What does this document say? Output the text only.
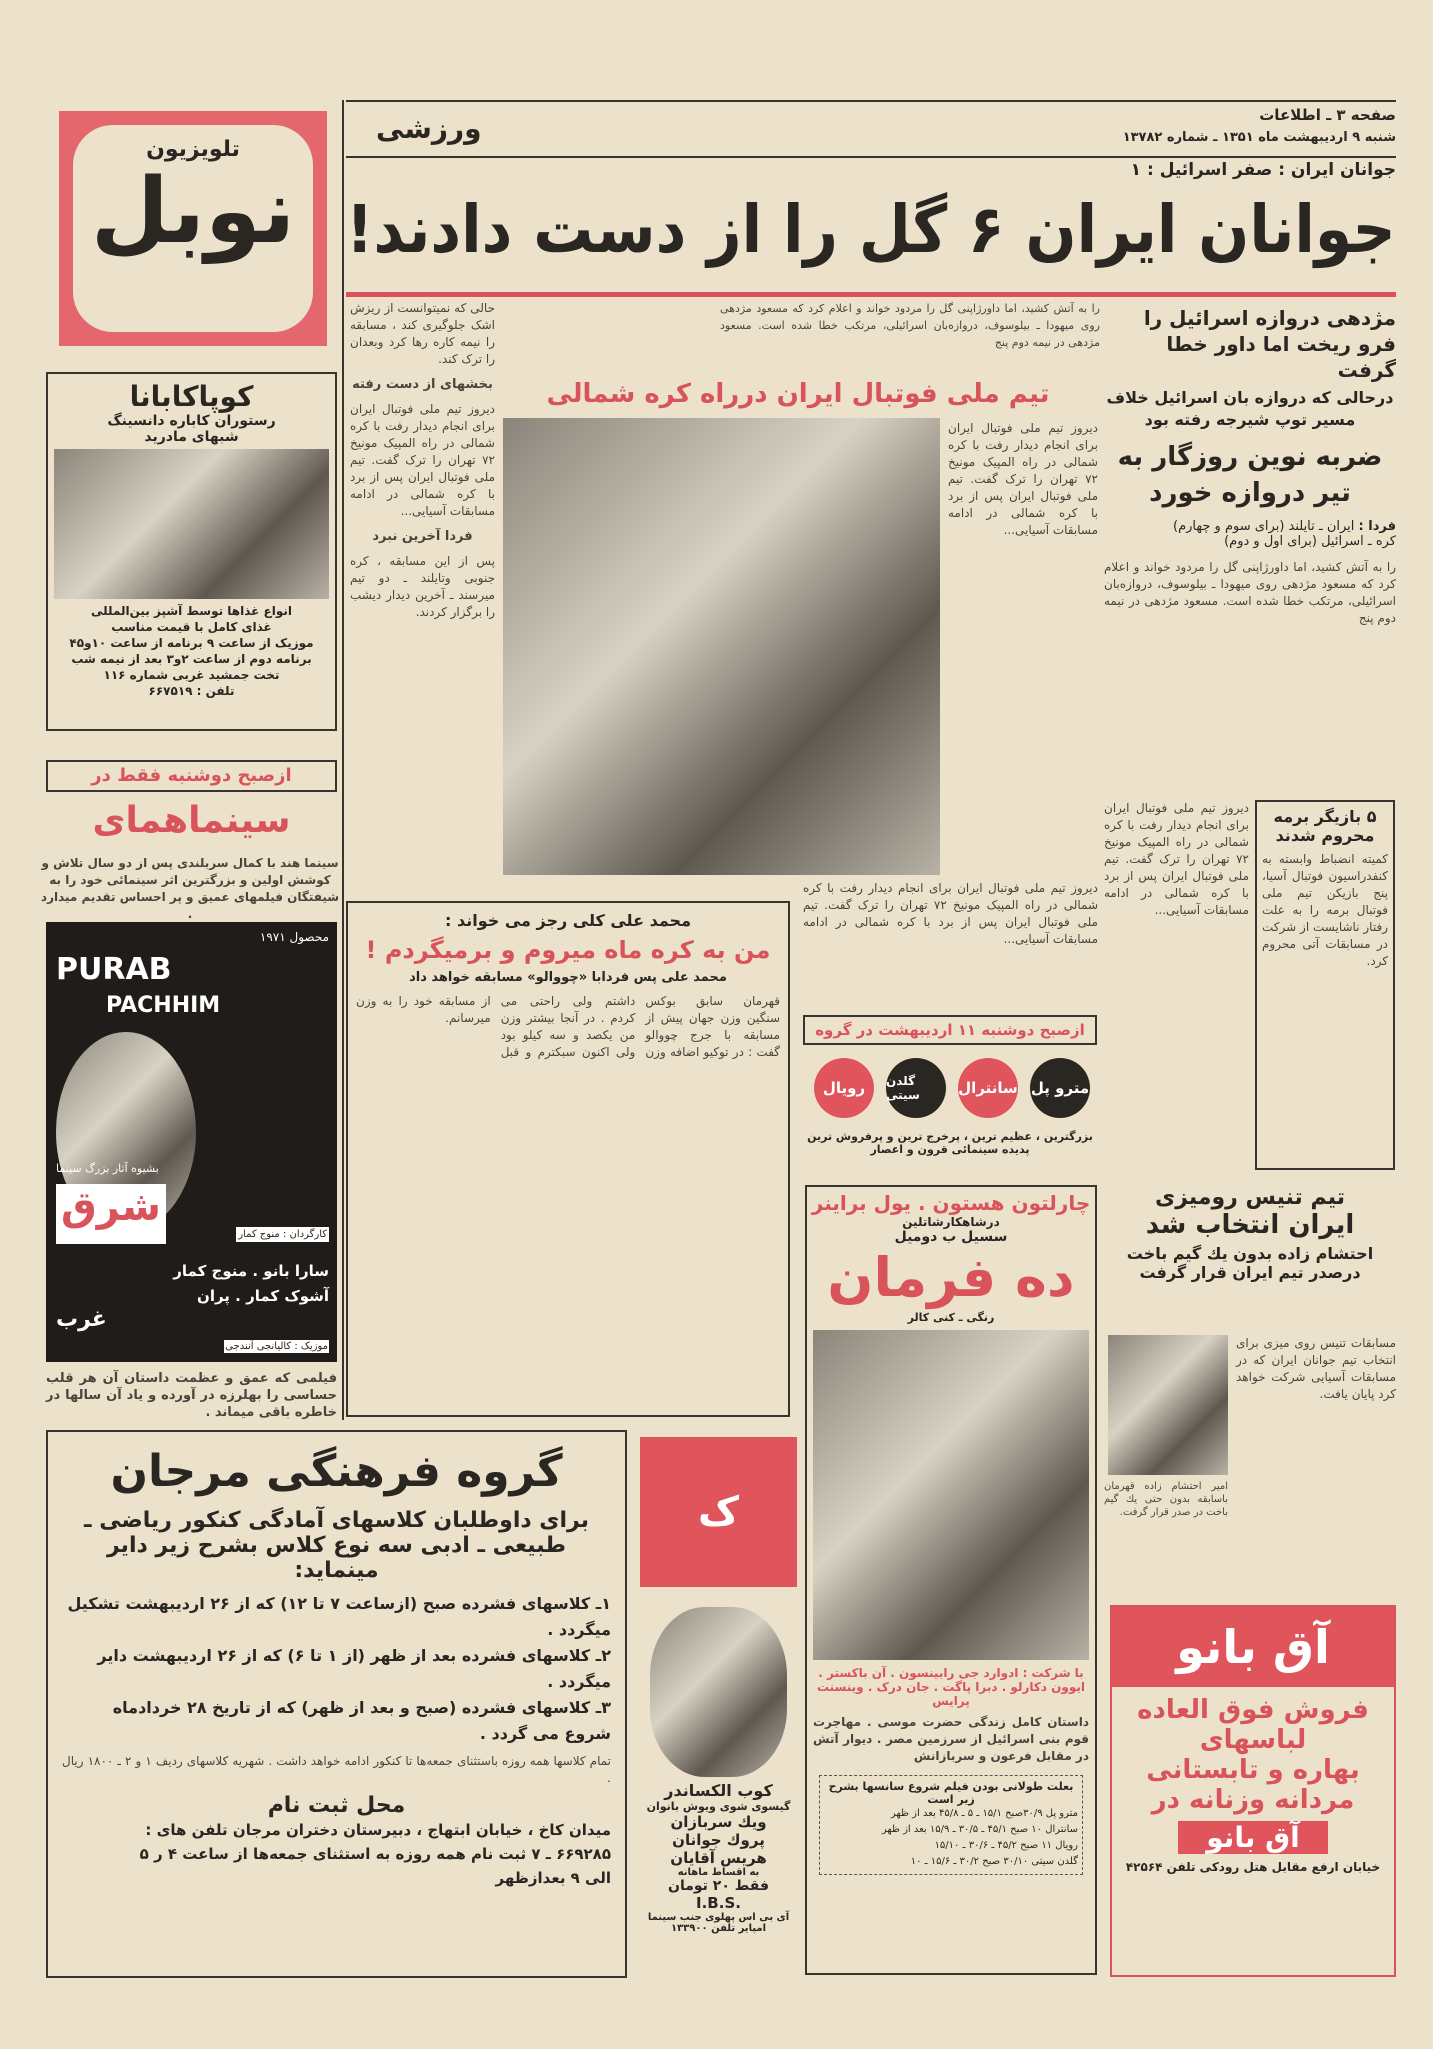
صفحه ۳ ـ اطلاعات
شنبه ۹ اردیبهشت ماه ۱۳۵۱ ـ شماره ۱۳۷۸۲
ورزشی
تلویزیون
نوبل	جوانان ایران : صفر اسرائیل : ۱
جوانان ایران ۶ گل را از دست دادند!
مژدهی دروازه اسرائیل را فرو ریخت اما داور خطا گرفت
درحالی که دروازه بان اسرائیل خلاف مسیر توپ شیرجه رفته بود
ضربه نوین روزگار به تیر دروازه خورد
فردا : ایران ـ تایلند (برای سوم و چهارم)
کره ـ اسرائیل (برای اول و دوم)
را به آتش کشید، اما داورژاپنی گل را مردود خواند و اعلام کرد که مسعود مژدهی روی میهودا ـ بیلوسوف، دروازه‌بان اسرائیلی، مرتکب خطا شده است. مسعود مژدهی در نیمه دوم پنج
را به آتش کشید، اما داورژاپنی گل را مردود خواند و اعلام کرد که مسعود مژدهی روی میهودا ـ بیلوسوف، دروازه‌بان اسرائیلی، مرتکب خطا شده است. مسعود مژدهی در نیمه دوم پنج
تیم ملی فوتبال ایران درراه کره شمالی
دیروز تیم ملی فوتبال ایران برای انجام دیدار رفت با کره شمالی در راه المپیک مونیخ ۷۲ تهران را ترک گفت. تیم ملی فوتبال ایران پس از برد با کره شمالی در ادامه مسابقات آسیایی...
دیروز تیم ملی فوتبال ایران برای انجام دیدار رفت با کره شمالی در راه المپیک مونیخ ۷۲ تهران را ترک گفت. تیم ملی فوتبال ایران پس از برد با کره شمالی در ادامه مسابقات آسیایی...
حالی که نمیتوانست از ریزش اشک جلوگیری کند ، مسابقه را نیمه کاره رها کرد وبعدان را ترک کند.
بخشهای از دست رفته
دیروز تیم ملی فوتبال ایران برای انجام دیدار رفت با کره شمالی در راه المپیک مونیخ ۷۲ تهران را ترک گفت. تیم ملی فوتبال ایران پس از برد با کره شمالی در ادامه مسابقات آسیایی...
فردا آخرین نبرد
پس از این مسابقه ، کره جنوبی وتایلند ـ دو تیم میرسند ـ آخرین دیدار دیشب را برگزار کردند.
کوپاکابانا
رستوران کاباره دانسینگ
شبهای مادرید
انواع غذاها توسط آشپز بین‌المللی
غذای کامل با قیمت مناسب
موزیک از ساعت ۹ برنامه از ساعت ۱۰و۴۵
برنامه دوم از ساعت ۲و۳ بعد از نیمه شب
تخت جمشید غربی شماره ۱۱۶
تلفن : ۶۶۷۵۱۹
ازصبح دوشنبه فقط در
سینماهمای
سینما هند با کمال سربلندی پس از دو سال تلاش و کوشش اولین و بزرگترین اثر سینمائی خود را به شیفتگان فیلمهای عمیق و پر احساس تقدیم میدارد .
PURAB
PACHHIM
محصول ۱۹۷۱
بشیوه آثار بزرگ سینما
شرق
غرب
کارگردان : منوج کمار
سارا بانو . منوج کمار
آشوک کمار . پران
موزیک : کالیانجی آنندجی
فیلمی که عمق و عظمت داستان آن هر قلب حساسی را بهلرزه در آورده و یاد آن سالها در خاطره باقی میماند .
محمد علی کلی رجز می خواند :
من به کره ماه میروم و برمیگردم !
محمد علی پس فردابا «چووالو» مسابقه خواهد داد
قهرمان سابق بوکس سنگین وزن جهان پیش از مسابقه با جرج چووالو گفت : در توکیو اضافه وزن داشتم ولی راحتی می کردم . در آنجا بیشتر وزن من یکصد و سه کیلو بود ولی اکنون سبکترم و قبل از مسابقه خود را به وزن میرسانم.
ازصبح دوشنبه ۱۱ اردیبهشت در گروه
مترو پل
سانترال
گلدن سیتی
رویال
بزرگترین ، عظیم ترین ، پرخرج ترین و پرفروش ترین پدیده سینمائی قرون و اعصار
چارلتون هستون . یول براینر
درشاهکارشاتلین
سسیل ب دومیل
ده فرمان
رنگی ـ کنی کالر
با شرکت : ادوارد جی رابینسون . آن باکستر . ایوون دکارلو . دبرا پاگت . جان درک . وینسنت پرایس
داستان کامل زندگی حضرت موسی . مهاجرت قوم بنی اسرائیل از سرزمین مصر . دیوار آتش در مقابل فرعون و سربازانش
بعلت طولانی بودن فیلم شروع سانسها بشرح زیر است
مترو پل ۳۰/۹صبح ۱۵/۱ ـ ۵ ـ ۴۵/۸ بعد از ظهر
سانترال ۱۰ صبح ۴۵/۱ ـ ۳۰/۵ ـ ۱۵/۹ بعد از ظهر
رویال ۱۱ صبح ۴۵/۲ ـ ۳۰/۶ ـ ۱۵/۱۰
گلدن سیتی ۳۰/۱۰ صبح ۳۰/۲ ـ ۱۵/۶ ـ ۱۰
۵ بازیگر برمه محروم شدند
کمیته انضباط وابسته به کنفدراسیون فوتبال آسیا، پنج بازیکن تیم ملی فوتبال برمه را به علت رفتار ناشایست از شرکت در مسابقات آتی محروم کرد.
دیروز تیم ملی فوتبال ایران برای انجام دیدار رفت با کره شمالی در راه المپیک مونیخ ۷۲ تهران را ترک گفت. تیم ملی فوتبال ایران پس از برد با کره شمالی در ادامه مسابقات آسیایی...
تیم تنیس رومیزی
ایران انتخاب شد
احتشام زاده بدون یك گیم باخت درصدر تیم ایران قرار گرفت
مسابقات تنیس روی میزی برای انتخاب تیم جوانان ایران که در مسابقات آسیایی شرکت خواهد کرد پایان یافت.
امیر احتشام زاده قهرمان باسابقه بدون حتی یك گیم باخت در صدر قرار گرفت.
آق بانو
فروش فوق العاده
لباسهای
بهاره و تابستانی
مردانه وزنانه در
آق بانو
خیابان ارفع مقابل هتل رودکی تلفن ۴۲۵۶۴
گروه فرهنگی مرجان
برای داوطلبان کلاسهای آمادگی کنکور ریاضی ـ
طبیعی ـ ادبی سه نوع کلاس بشرح زیر دایر مینماید:
۱ـ کلاسهای فشرده صبح (ازساعت ۷ تا ۱۲) که از ۲۶ اردیبهشت تشکیل میگردد .
۲ـ کلاسهای فشرده بعد از ظهر (از ۱ تا ۶) که از ۲۶ اردیبهشت دایر میگردد .
۳ـ کلاسهای فشرده (صبح و بعد از ظهر) که از تاریخ ۲۸ خردادماه شروع می گردد .
تمام کلاسها همه روزه باستثنای جمعه‌ها تا کنکور ادامه خواهد داشت . شهریه کلاسهای ردیف ۱ و ۲ ـ ۱۸۰۰ ریال .
محل ثبت نام
میدان کاخ ، خیابان ابتهاج ، دبیرستان دختران مرجان تلفن های :
۶۶۹۲۸۵ ـ ۷ ثبت نام همه روزه به استثنای جمعه‌ها از ساعت ۴ ر ۵
الی ۹ بعدازظهر
ک
کوب الکساندر
گیسوی شوی ویوش بانوان
ویك سربازان
پروك جوانان
هریس آقایان
به اقساط ماهانه
فقط ۲۰ تومان
I.B.S.
آی بی اس پهلوی جنب سینما امپایر تلفن ۱۳۳۹۰۰
